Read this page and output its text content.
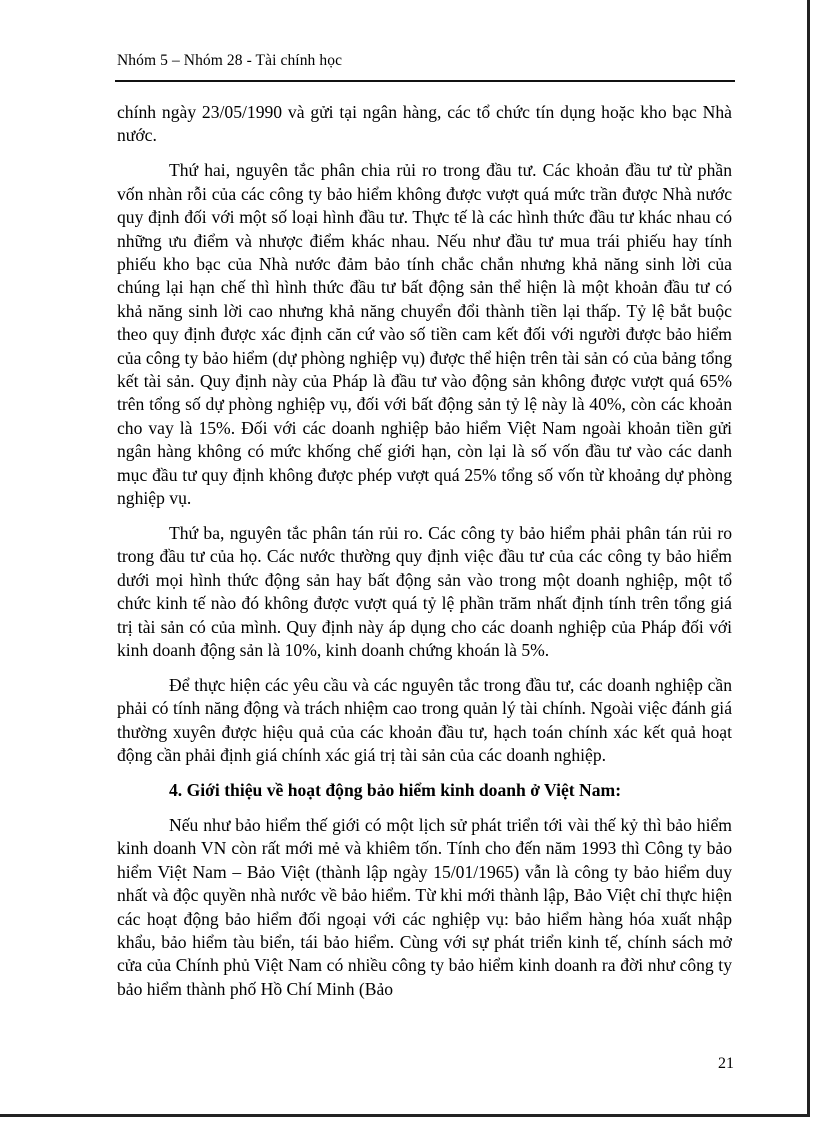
Nhóm 5 – Nhóm 28 - Tài chính học

chính ngày 23/05/1990 và gửi tại ngân hàng, các tổ chức tín dụng hoặc kho bạc Nhà nước.

Thứ hai, nguyên tắc phân chia rủi ro trong đầu tư. Các khoản đầu tư từ phần vốn nhàn rỗi của các công ty bảo hiểm không được vượt quá mức trần được Nhà nước quy định đối với một số loại hình đầu tư. Thực tế là các hình thức đầu tư khác nhau có những ưu điểm và nhược điểm khác nhau. Nếu như đầu tư mua trái phiếu hay tính phiếu kho bạc của Nhà nước đảm bảo tính chắc chắn nhưng khả năng sinh lời của chúng lại hạn chế thì hình thức đầu tư bất động sản thể hiện là một khoản đầu tư có khả năng sinh lời cao nhưng khả năng chuyển đổi thành tiền lại thấp. Tỷ lệ bắt buộc theo quy định được xác định căn cứ vào số tiền cam kết đối với người được bảo hiểm của công ty bảo hiểm (dự phòng nghiệp vụ) được thể hiện trên tài sản có của bảng tổng kết tài sản. Quy định này của Pháp là đầu tư vào động sản không được vượt quá 65% trên tổng số dự phòng nghiệp vụ, đối với bất động sản tỷ lệ này là 40%, còn các khoản cho vay là 15%. Đối với các doanh nghiệp bảo hiểm Việt Nam ngoài khoản tiền gửi ngân hàng không có mức khống chế giới hạn, còn lại là số vốn đầu tư vào các danh mục đầu tư quy định không được phép vượt quá 25% tổng số vốn từ khoảng dự phòng nghiệp vụ.

Thứ ba, nguyên tắc phân tán rủi ro. Các công ty bảo hiểm phải phân tán rủi ro trong đầu tư của họ. Các nước thường quy định việc đầu tư của các công ty bảo hiểm dưới mọi hình thức động sản hay bất động sản vào trong một doanh nghiệp, một tổ chức kinh tế nào đó không được vượt quá tỷ lệ phần trăm nhất định tính trên tổng giá trị tài sản có của mình. Quy định này áp dụng cho các doanh nghiệp của Pháp đối với kinh doanh động sản là 10%, kinh doanh chứng khoán là 5%.

Để thực hiện các yêu cầu và các nguyên tắc trong đầu tư, các doanh nghiệp cần phải có tính năng động và trách nhiệm cao trong quản lý tài chính. Ngoài việc đánh giá thường xuyên được hiệu quả của các khoản đầu tư, hạch toán chính xác kết quả hoạt động cần phải định giá chính xác giá trị tài sản của các doanh nghiệp.

4. Giới thiệu về hoạt động bảo hiểm kinh doanh ở Việt Nam:

Nếu như bảo hiểm thế giới có một lịch sử phát triển tới vài thế kỷ thì bảo hiểm kinh doanh VN còn rất mới mẻ và khiêm tốn. Tính cho đến năm 1993 thì Công ty bảo hiểm Việt Nam – Bảo Việt (thành lập ngày 15/01/1965) vẫn là công ty bảo hiểm duy nhất và độc quyền nhà nước về bảo hiểm. Từ khi mới thành lập, Bảo Việt chỉ thực hiện các hoạt động bảo hiểm đối ngoại với các nghiệp vụ: bảo hiểm hàng hóa xuất nhập khẩu, bảo hiểm tàu biển, tái bảo hiểm. Cùng với sự phát triển kinh tế, chính sách mở cửa của Chính phủ Việt Nam có nhiều công ty bảo hiểm kinh doanh ra đời như công ty bảo hiểm thành phố Hồ Chí Minh (Bảo

21
